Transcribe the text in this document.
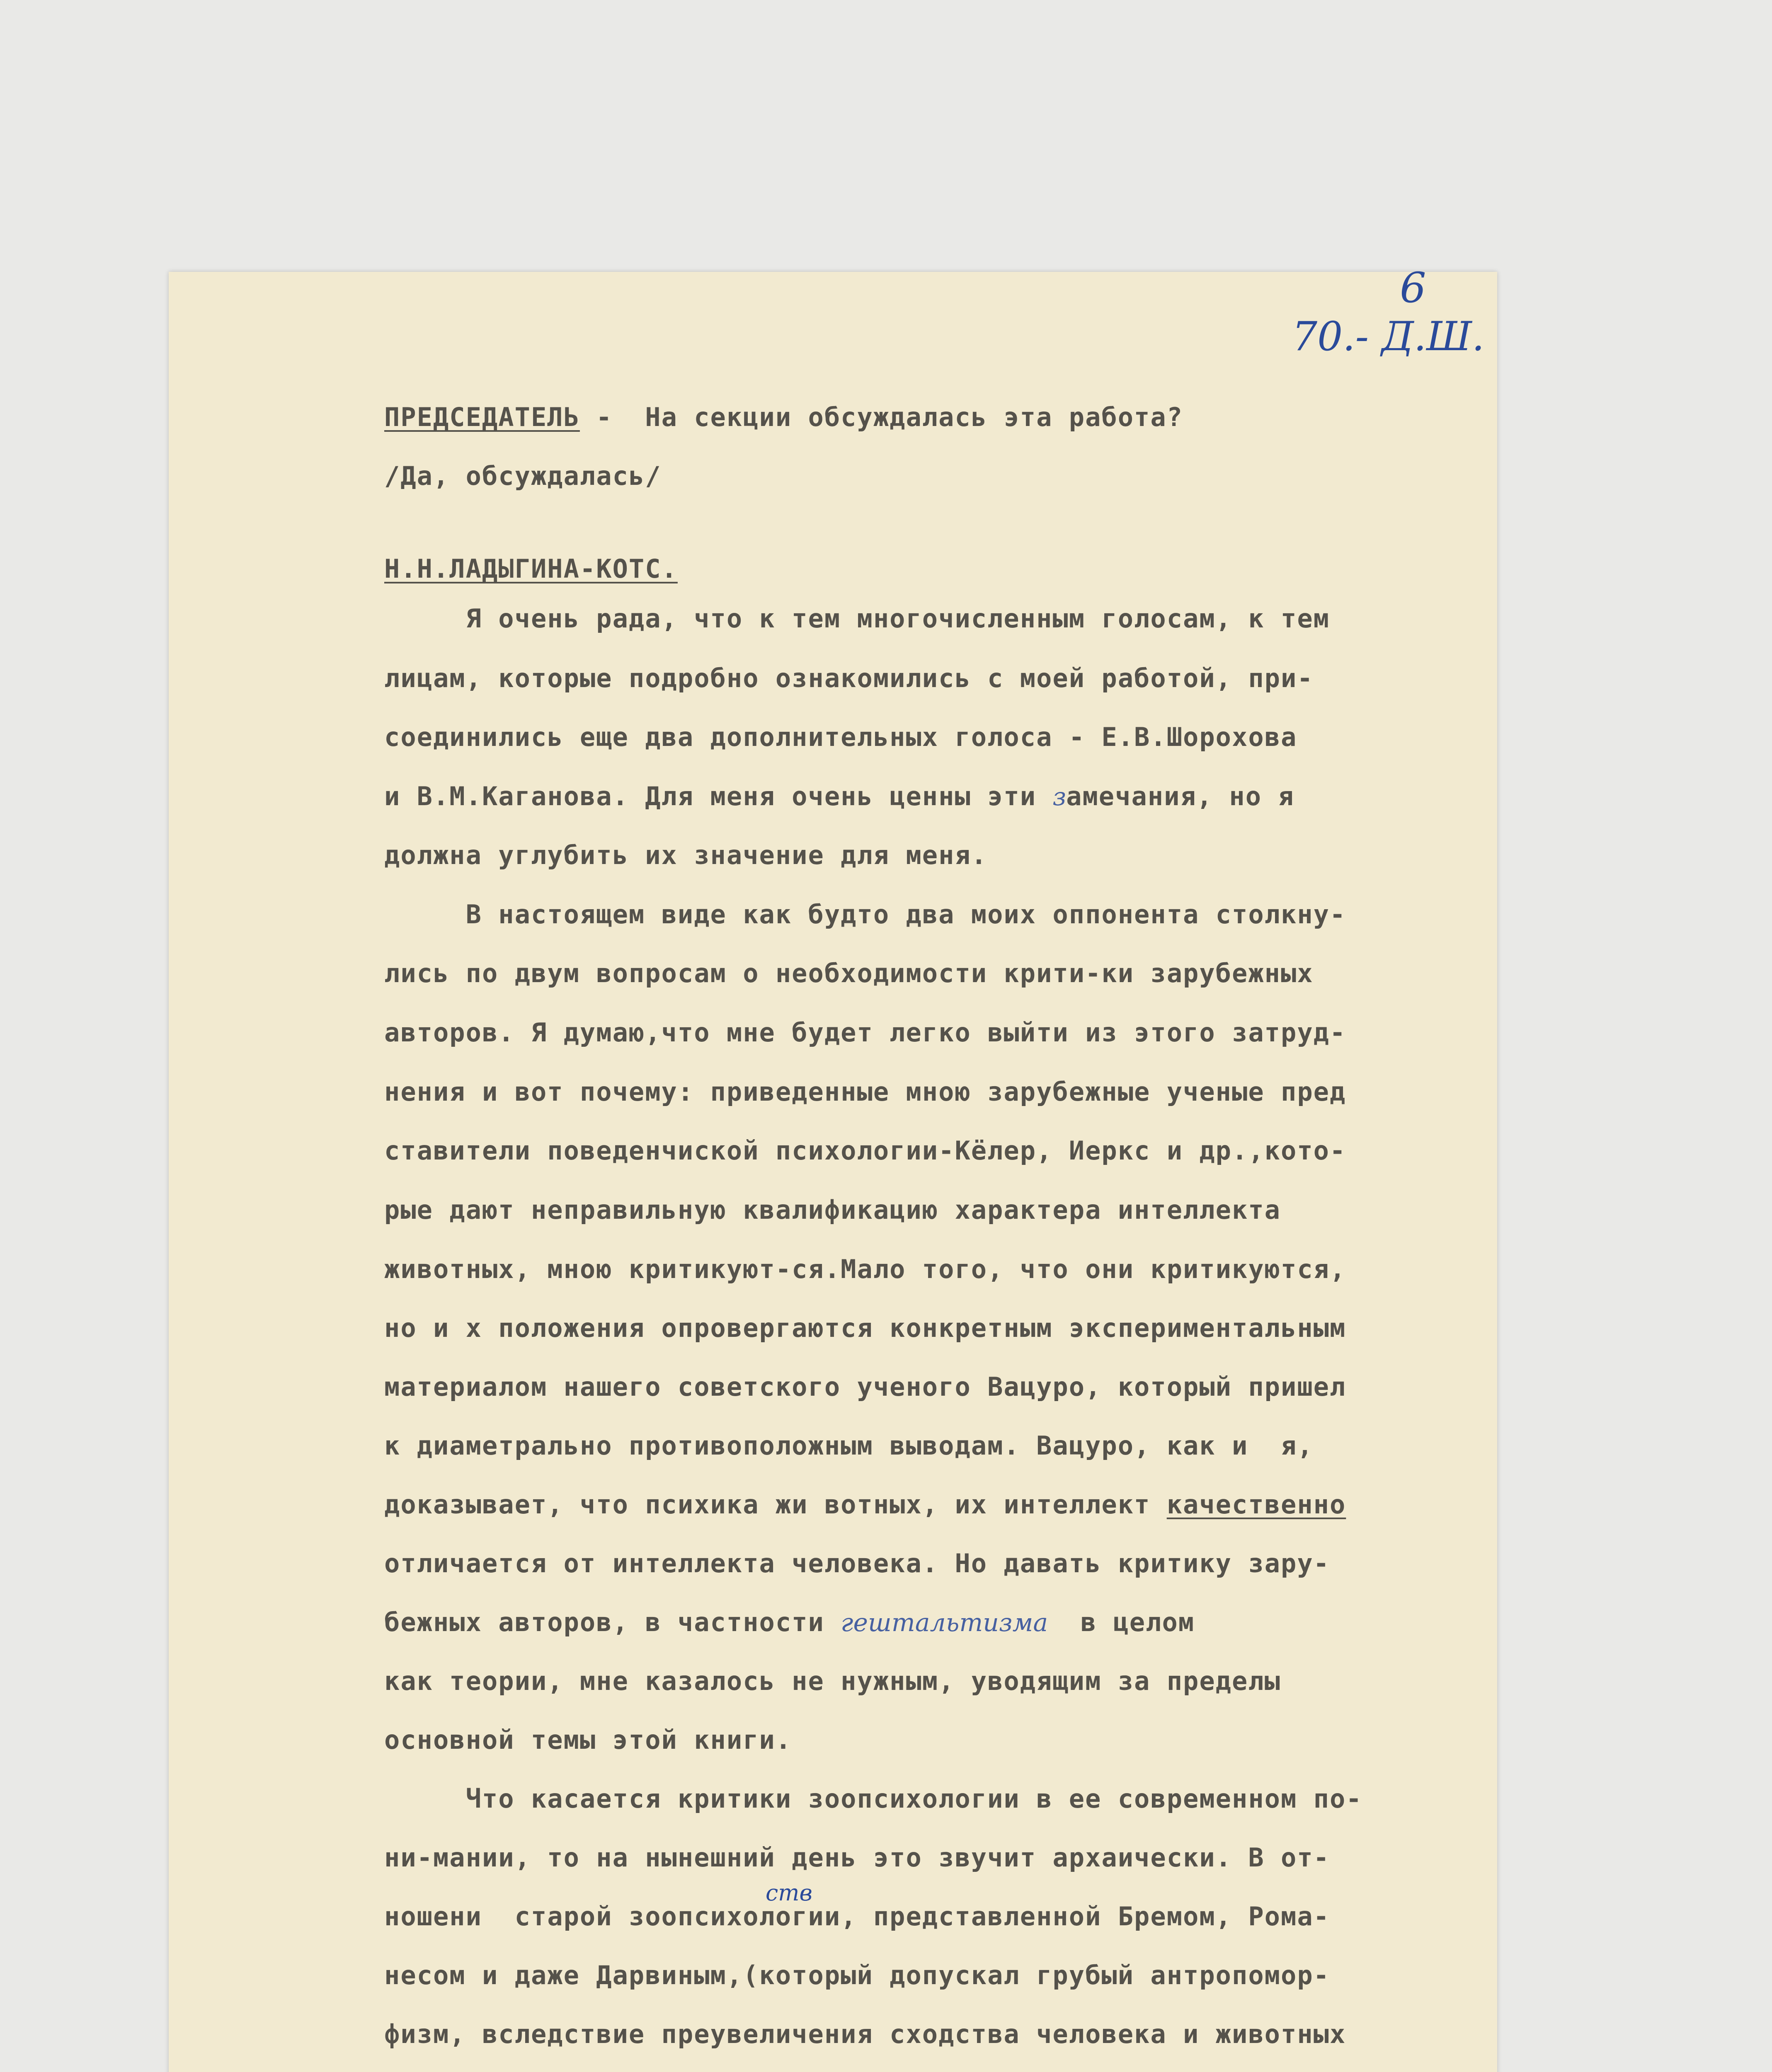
70.- Д.Ш.
6
ПРЕДСЕДАТЕЛЬ -  На секции обсуждалась эта работа?
/Да, обсуждалась/
Н.Н.ЛАДЫГИНА-КОТС.
Я очень рада, что к тем многочисленным голосам, к тем
лицам, которые подробно ознакомились с моей работой, при-
соединились еще два дополнительных голоса - Е.В.Шорохова
и В.М.Каганова. Для меня очень ценны эти замечания, но я
должна углубить их значение для меня.
В настоящем виде как будто два моих оппонента столкну-
лись по двум вопросам о необходимости крити-ки зарубежных
авторов. Я думаю,что мне будет легко выйти из этого затруд-
нения и вот почему: приведенные мною зарубежные ученые пред
ставители поведенчиской психологии-Кёлер, Иеркс и др.,кото-
рые дают неправильную квалификацию характера интеллекта
животных, мною критикуют-ся.Мало того, что они критикуются,
но и х положения опровергаются конкретным экспериментальным
материалом нашего советского ученого Вацуро, который пришел
к диаметрально противоположным выводам. Вацуро, как и  я,
доказывает, что психика жи вотных, их интеллект качественно
отличается от интеллекта человека. Но давать критику зару-
бежных авторов, в частности гештальтизма  в целом
как теории, мне казалось не нужным, уводящим за пределы
основной темы этой книги.
Что касается критики зоопсихологии в ее современном по-
ни-мании, то на нынешний день это звучит архаически. В от-
ств
ношени  старой зоопсихологии, представленной Бремом, Рома-
несом и даже Дарвиным,(который допускал грубый антропомор-
физм, вследствие преувеличения сходства человека и животных
